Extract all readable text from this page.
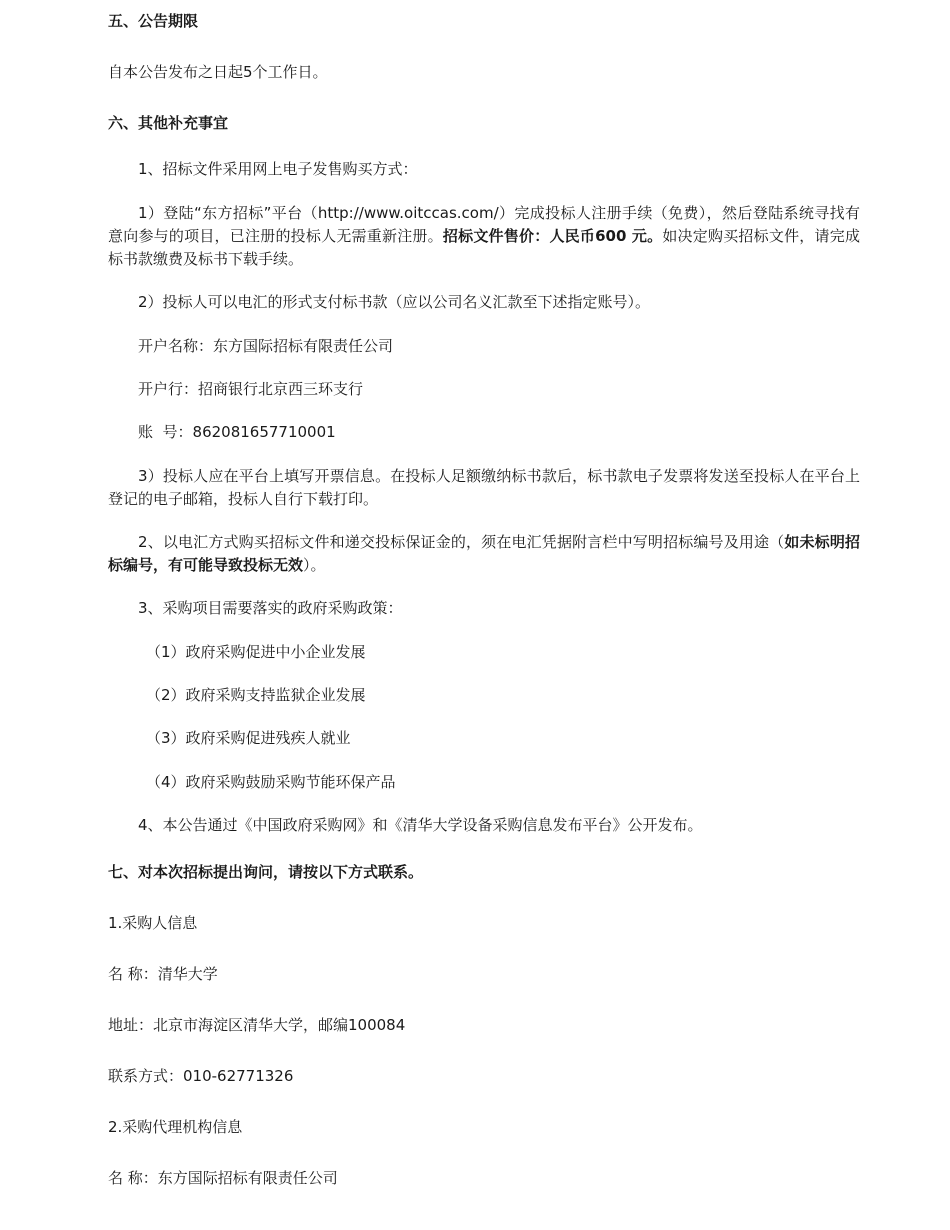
五、公告期限
自本公告发布之日起5个工作日。
六、其他补充事宜
1、招标文件采用网上电子发售购买方式：
1）登陆“东方招标”平台（http://www.oitccas.com/）完成投标人注册手续（免费），然后登陆系统寻找有意向参与的项目，已注册的投标人无需重新注册。招标文件售价：人民币600 元。如决定购买招标文件，请完成标书款缴费及标书下载手续。
2）投标人可以电汇的形式支付标书款（应以公司名义汇款至下述指定账号）。
开户名称：东方国际招标有限责任公司
开户行：招商银行北京西三环支行
账  号：862081657710001
3）投标人应在平台上填写开票信息。在投标人足额缴纳标书款后，标书款电子发票将发送至投标人在平台上登记的电子邮箱，投标人自行下载打印。
2、以电汇方式购买招标文件和递交投标保证金的，须在电汇凭据附言栏中写明招标编号及用途（如未标明招标编号，有可能导致投标无效）。
3、采购项目需要落实的政府采购政策：
（1）政府采购促进中小企业发展
（2）政府采购支持监狱企业发展
（3）政府采购促进残疾人就业
（4）政府采购鼓励采购节能环保产品
4、本公告通过《中国政府采购网》和《清华大学设备采购信息发布平台》公开发布。
七、对本次招标提出询问，请按以下方式联系。
1.采购人信息
名 称：清华大学
地址：北京市海淀区清华大学，邮编100084
联系方式：010-62771326
2.采购代理机构信息
名 称：东方国际招标有限责任公司
